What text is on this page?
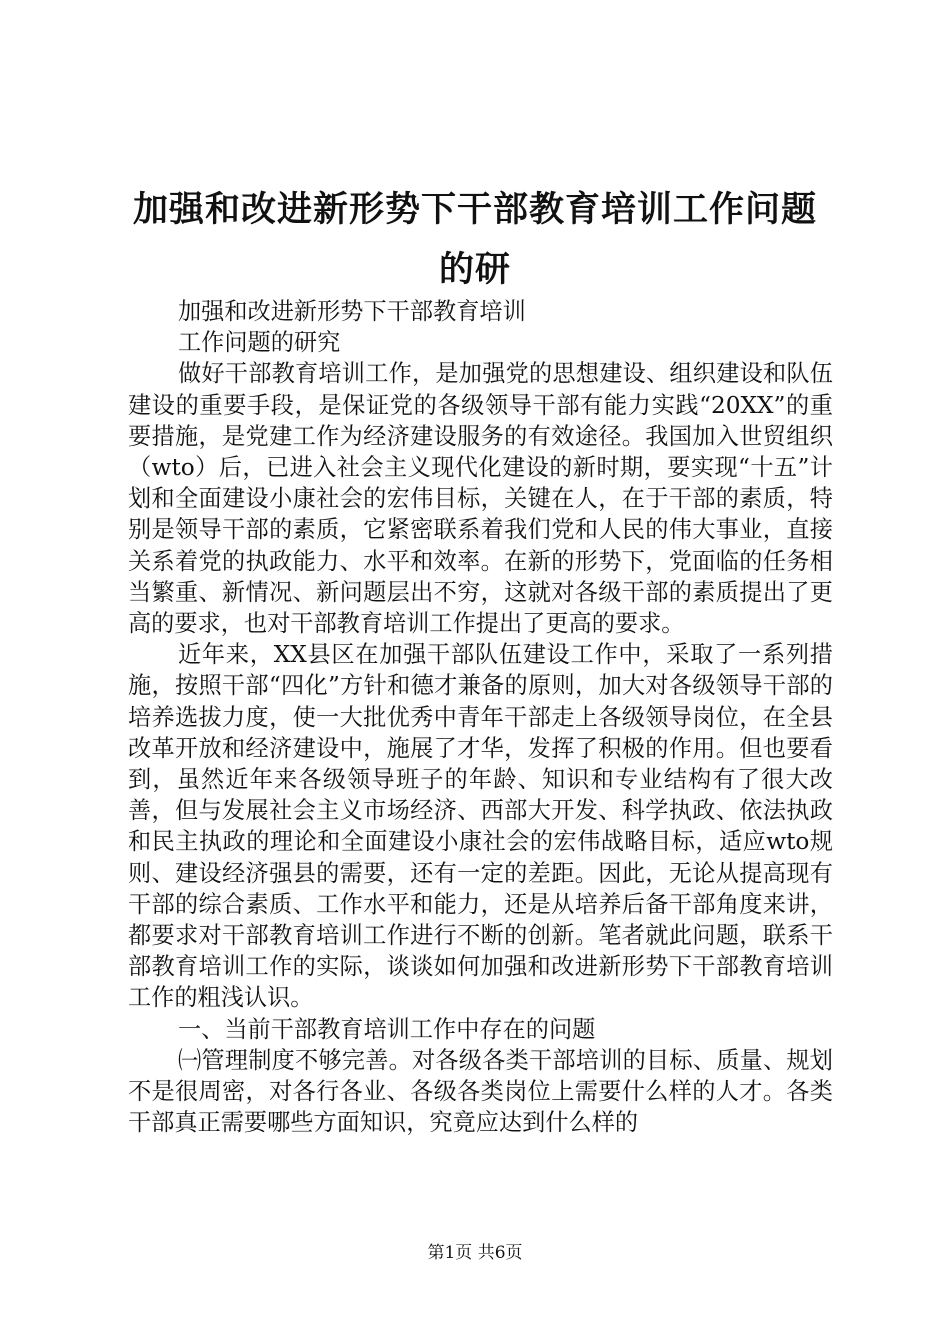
加强和改进新形势下干部教育培训工作问题的研

加强和改进新形势下干部教育培训

工作问题的研究

做好干部教育培训工作，是加强党的思想建设、组织建设和队伍建设的重要手段，是保证党的各级领导干部有能力实践“20XX”的重要措施，是党建工作为经济建设服务的有效途径。我国加入世贸组织（wto）后，已进入社会主义现代化建设的新时期，要实现“十五”计划和全面建设小康社会的宏伟目标，关键在人，在于干部的素质，特别是领导干部的素质，它紧密联系着我们党和人民的伟大事业，直接关系着党的执政能力、水平和效率。在新的形势下，党面临的任务相当繁重、新情况、新问题层出不穷，这就对各级干部的素质提出了更高的要求，也对干部教育培训工作提出了更高的要求。

近年来，XX县区在加强干部队伍建设工作中，采取了一系列措施，按照干部“四化”方针和德才兼备的原则，加大对各级领导干部的培养选拔力度，使一大批优秀中青年干部走上各级领导岗位，在全县改革开放和经济建设中，施展了才华，发挥了积极的作用。但也要看到，虽然近年来各级领导班子的年龄、知识和专业结构有了很大改善，但与发展社会主义市场经济、西部大开发、科学执政、依法执政和民主执政的理论和全面建设小康社会的宏伟战略目标，适应wto规则、建设经济强县的需要，还有一定的差距。因此，无论从提高现有干部的综合素质、工作水平和能力，还是从培养后备干部角度来讲，都要求对干部教育培训工作进行不断的创新。笔者就此问题，联系干部教育培训工作的实际，谈谈如何加强和改进新形势下干部教育培训工作的粗浅认识。

一、当前干部教育培训工作中存在的问题

㈠管理制度不够完善。对各级各类干部培训的目标、质量、规划不是很周密，对各行各业、各级各类岗位上需要什么样的人才。各类干部真正需要哪些方面知识，究竟应达到什么样的

第1页 共6页
